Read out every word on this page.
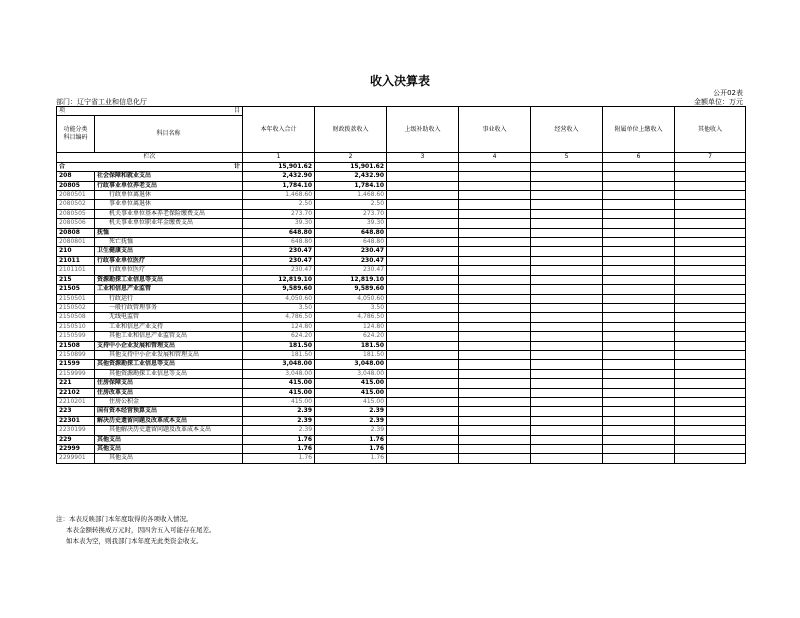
收入决算表
公开02表
部门：辽宁省工业和信息化厅	金额单位：万元
项 目		本年收入合计	财政拨款收入	上级补助收入	事业收入	经营收入	附属单位上缴收入	其他收入
功能分类
科目编码	科目名称							
栏次		1	2	3	4	5	6	7
合 计		15,901.62	15,901.62					
208	社会保障和就业支出	2,432.90	2,432.90					
20805	行政事业单位养老支出	1,784.10	1,784.10					
2080501	行政单位离退休	1,468.60	1,468.60					
2080502	事业单位离退休	2.50	2.50					
2080505	机关事业单位基本养老保险缴费支出	273.70	273.70					
2080506	机关事业单位职业年金缴费支出	39.30	39.30					
20808	抚恤	648.80	648.80					
2080801	死亡抚恤	648.80	648.80					
210	卫生健康支出	230.47	230.47					
21011	行政事业单位医疗	230.47	230.47					
2101101	行政单位医疗	230.47	230.47					
215	资源勘探工业信息等支出	12,819.10	12,819.10					
21505	工业和信息产业监管	9,589.60	9,589.60					
2150501	行政运行	4,050.60	4,050.60					
2150502	一般行政管理事务	3.50	3.50					
2150508	无线电监管	4,786.50	4,786.50					
2150510	工业和信息产业支持	124.80	124.80					
2150599	其他工业和信息产业监管支出	624.20	624.20					
21508	支持中小企业发展和管理支出	181.50	181.50					
2150899	其他支持中小企业发展和管理支出	181.50	181.50					
21599	其他资源勘探工业信息等支出	3,048.00	3,048.00					
2159999	其他资源勘探工业信息等支出	3,048.00	3,048.00					
221	住房保障支出	415.00	415.00					
22102	住房改革支出	415.00	415.00					
2210201	住房公积金	415.00	415.00					
223	国有资本经营预算支出	2.39	2.39					
22301	解决历史遗留问题及改革成本支出	2.39	2.39					
2230199	其他解决历史遗留问题及改革成本支出	2.39	2.39					
229	其他支出	1.76	1.76					
22999	其他支出	1.76	1.76					
2299901	其他支出	1.76	1.76					
注：本表反映部门本年度取得的各项收入情况。
本表金额转换成万元时，因四舍五入可能存在尾差。
如本表为空，则我部门本年度无此类资金收支。
